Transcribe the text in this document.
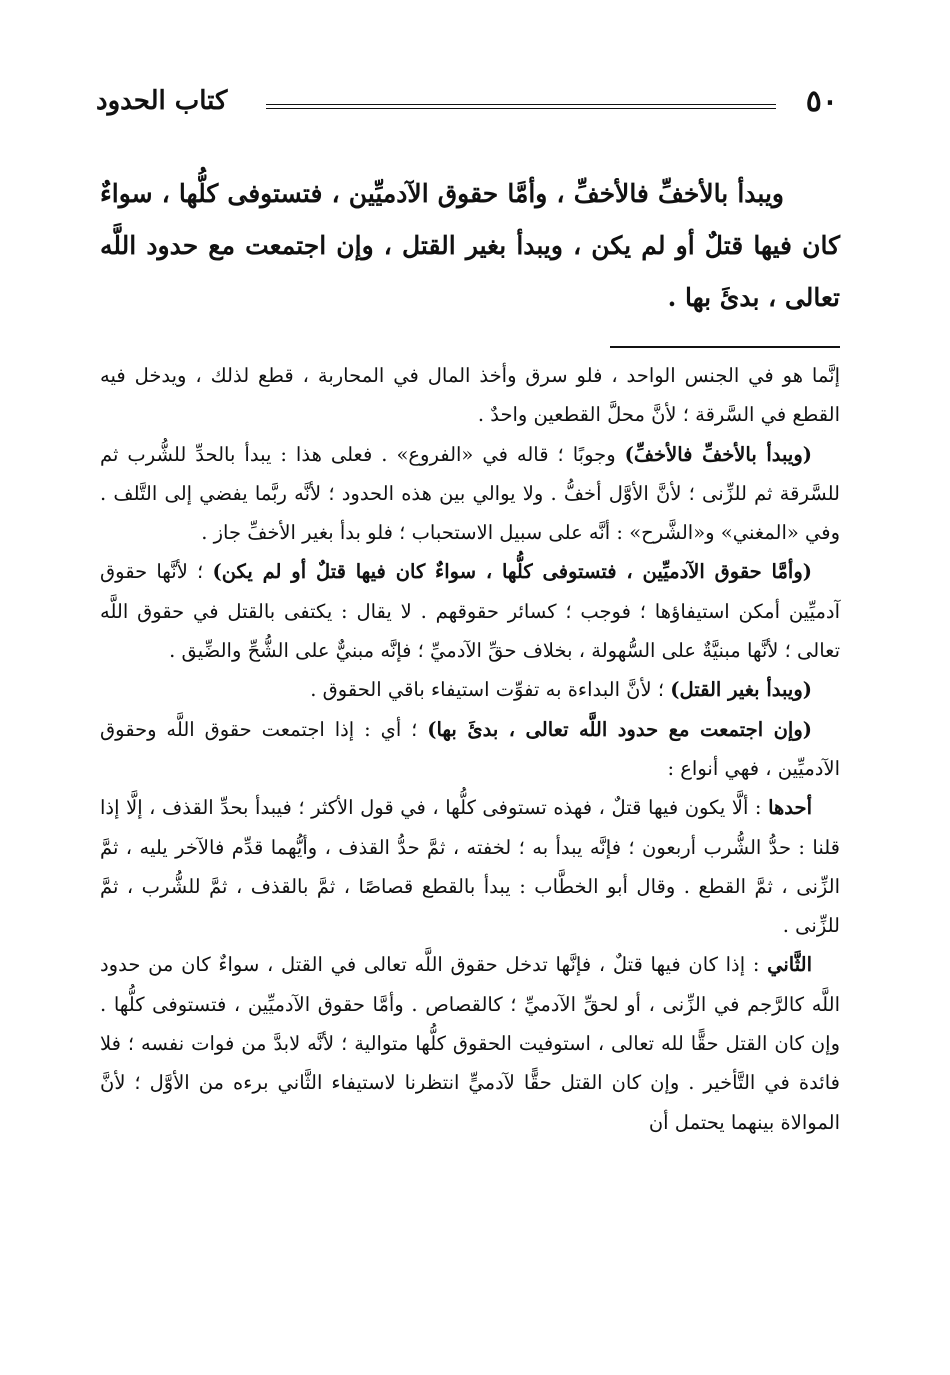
٥٠
كتاب الحدود

ويبدأ بالأخفِّ فالأخفِّ ، وأمَّا حقوق الآدميِّين ، فتستوفى كلُّها ، سواءٌ كان فيها قتلٌ أو لم يكن ، ويبدأ بغير القتل ، وإن اجتمعت مع حدود اللَّه تعالى ، بدئَ بها .

إنَّما هو في الجنس الواحد ، فلو سرق وأخذ المال في المحاربة ، قطع لذلك ، ويدخل فيه القطع في السَّرقة ؛ لأنَّ محلَّ القطعين واحدٌ .

(ويبدأ بالأخفِّ فالأخفِّ) وجوبًا ؛ قاله في «الفروع» . فعلى هذا : يبدأ بالحدِّ للشُّرب ثم للسَّرقة ثم للزِّنى ؛ لأنَّ الأوَّل أخفُّ . ولا يوالي بين هذه الحدود ؛ لأنَّه ربَّما يفضي إلى التَّلف . وفي «المغني» و«الشَّرح» : أنَّه على سبيل الاستحباب ؛ فلو بدأ بغير الأخفِّ جاز .

(وأمَّا حقوق الآدميِّين ، فتستوفى كلُّها ، سواءٌ كان فيها قتلٌ أو لم يكن) ؛ لأنَّها حقوق آدميِّين أمكن استيفاؤها ؛ فوجب ؛ كسائر حقوقهم . لا يقال : يكتفى بالقتل في حقوق اللَّه تعالى ؛ لأنَّها مبنيَّةٌ على السُّهولة ، بخلاف حقِّ الآدميِّ ؛ فإنَّه مبنيٌّ على الشُّحِّ والضِّيق .

(ويبدأ بغير القتل) ؛ لأنَّ البداءة به تفوِّت استيفاء باقي الحقوق .

(وإن اجتمعت مع حدود اللَّه تعالى ، بدئَ بها) ؛ أي : إذا اجتمعت حقوق اللَّه وحقوق الآدميِّين ، فهي أنواع :

أحدها : ألَّا يكون فيها قتلٌ ، فهذه تستوفى كلُّها ، في قول الأكثر ؛ فيبدأ بحدِّ القذف ، إلَّا إذا قلنا : حدُّ الشُّرب أربعون ؛ فإنَّه يبدأ به ؛ لخفته ، ثمَّ حدُّ القذف ، وأيُّهما قدِّم فالآخر يليه ، ثمَّ الزِّنى ، ثمَّ القطع . وقال أبو الخطَّاب : يبدأ بالقطع قصاصًا ، ثمَّ بالقذف ، ثمَّ للشُّرب ، ثمَّ للزِّنى .

الثَّاني : إذا كان فيها قتلٌ ، فإنَّها تدخل حقوق اللَّه تعالى في القتل ، سواءٌ كان من حدود اللَّه كالرَّجم في الزِّنى ، أو لحقِّ الآدميِّ ؛ كالقصاص . وأمَّا حقوق الآدميِّين ، فتستوفى كلُّها . وإن كان القتل حقًّا لله تعالى ، استوفيت الحقوق كلُّها متوالية ؛ لأنَّه لابدَّ من فوات نفسه ؛ فلا فائدة في التَّأخير . وإن كان القتل حقًّا لآدميٍّ انتظرنا لاستيفاء الثَّاني برءه من الأوَّل ؛ لأنَّ الموالاة بينهما يحتمل أن
